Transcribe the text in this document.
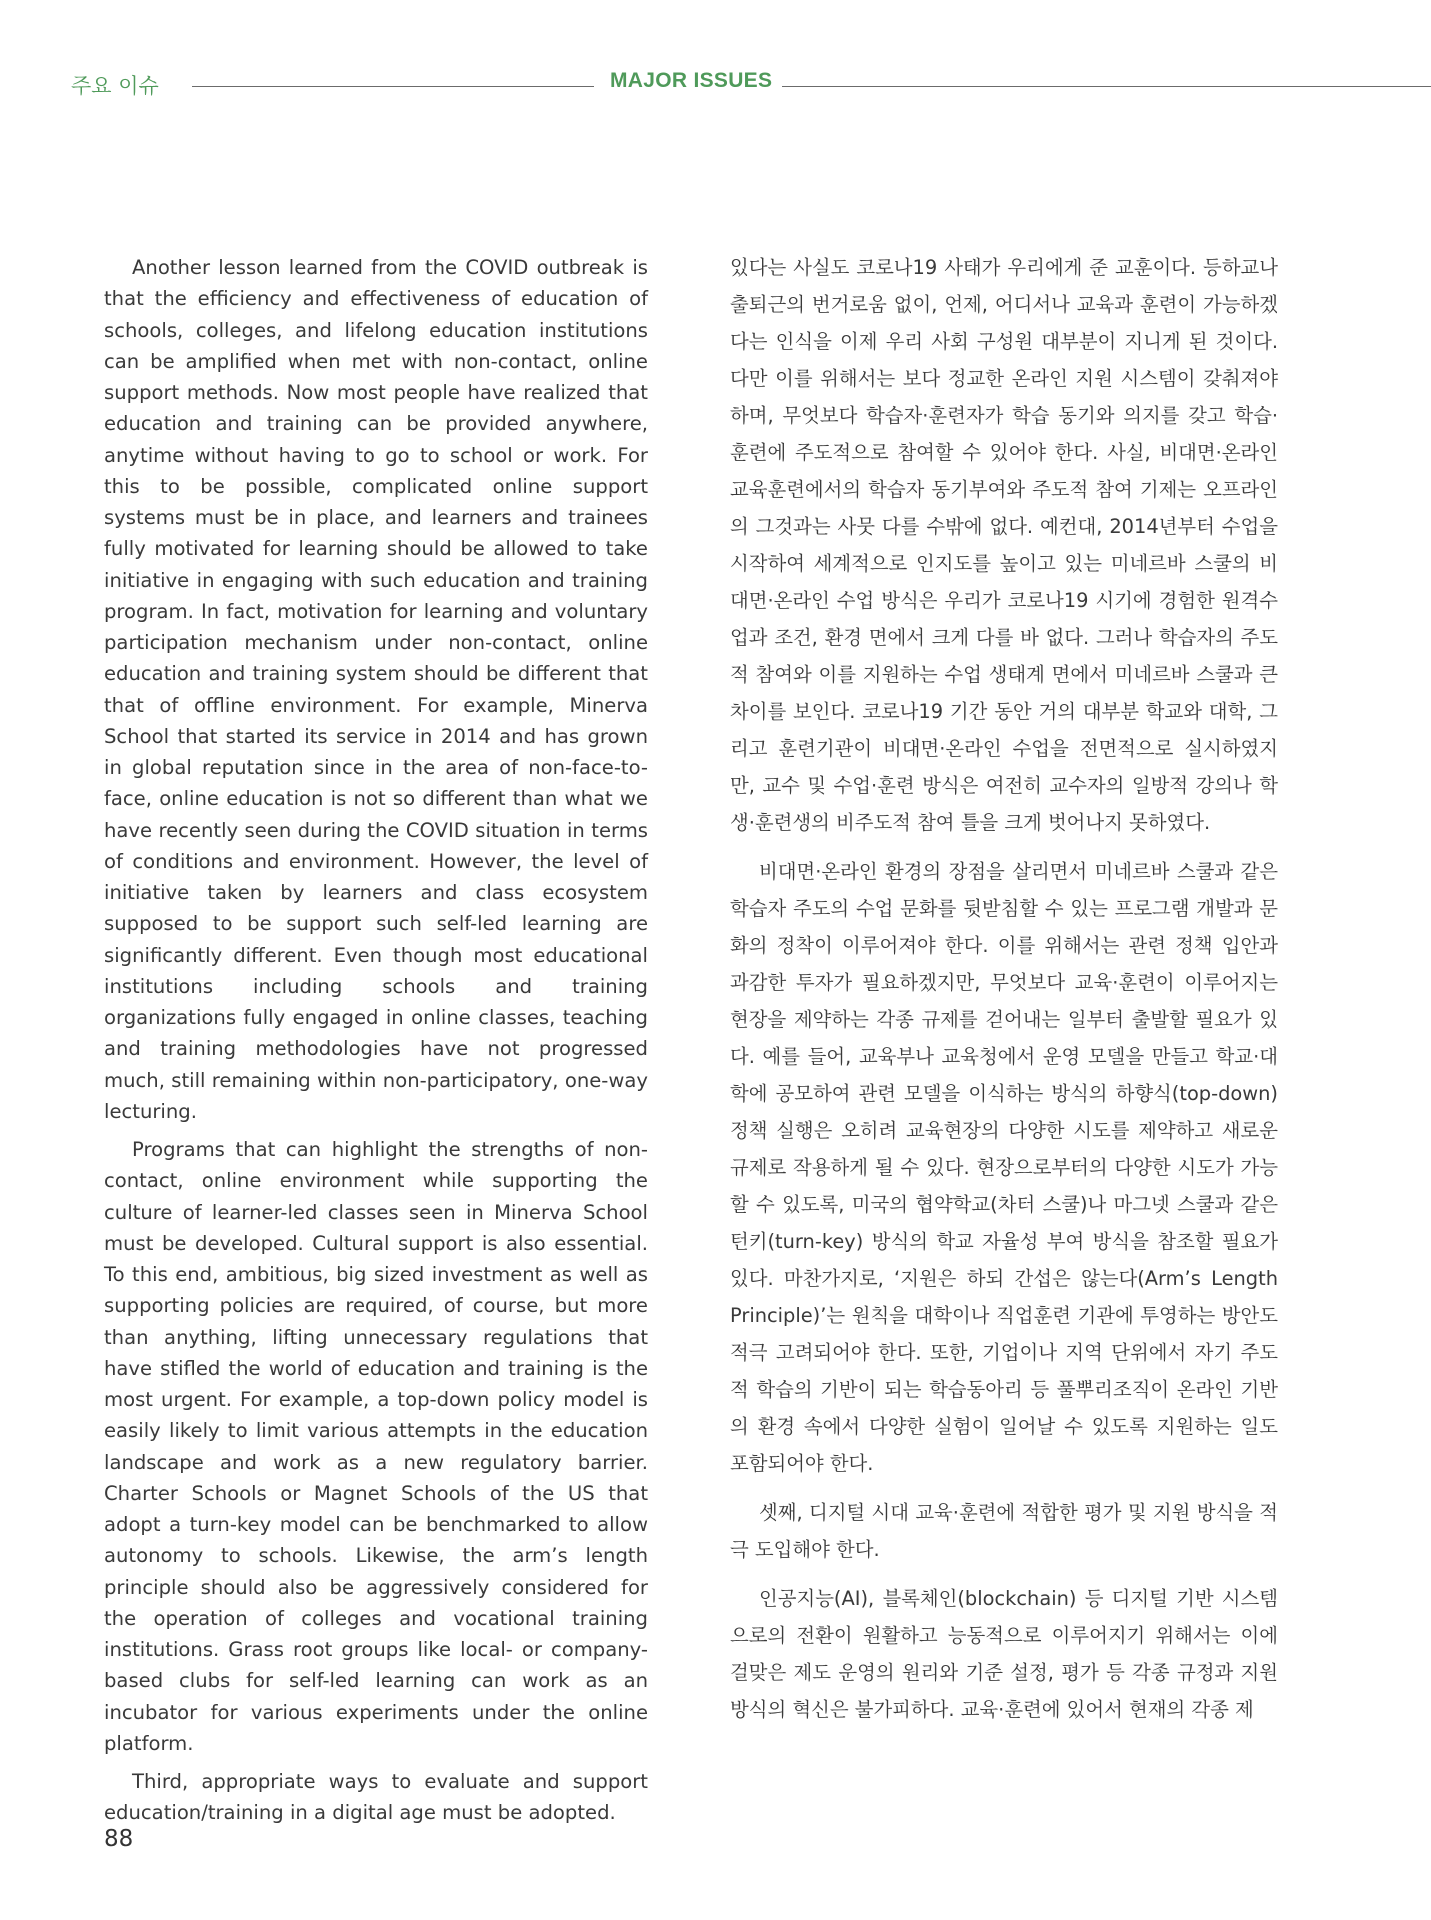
주요 이슈	MAJOR ISSUES

Another lesson learned from the COVID outbreak is that the efficiency and effectiveness of education of schools, colleges, and lifelong education institutions can be amplified when met with non-contact, online support methods. Now most people have realized that education and training can be provided anywhere, anytime without having to go to school or work. For this to be possible, complicated online support systems must be in place, and learners and trainees fully motivated for learning should be allowed to take initiative in engaging with such education and training program. In fact, motivation for learning and voluntary participation mechanism under non-contact, online education and training system should be different that that of offline environment. For example, Minerva School that started its service in 2014 and has grown in global reputation since in the area of non-face-to-face, online education is not so different than what we have recently seen during the COVID situation in terms of conditions and environment. However, the level of initiative taken by learners and class ecosystem supposed to be support such self-led learning are significantly different. Even though most educational institutions including schools and training organizations fully engaged in online classes, teaching and training methodologies have not progressed much, still remaining within non-participatory, one-way lecturing.

Programs that can highlight the strengths of non-contact, online environment while supporting the culture of learner-led classes seen in Minerva School must be developed. Cultural support is also essential. To this end, ambitious, big sized investment as well as supporting policies are required, of course, but more than anything, lifting unnecessary regulations that have stifled the world of education and training is the most urgent. For example, a top-down policy model is easily likely to limit various attempts in the education landscape and work as a new regulatory barrier. Charter Schools or Magnet Schools of the US that adopt a turn-key model can be benchmarked to allow autonomy to schools. Likewise, the arm’s length principle should also be aggressively considered for the operation of colleges and vocational training institutions. Grass root groups like local- or company-based clubs for self-led learning can work as an incubator for various experiments under the online platform.

Third, appropriate ways to evaluate and support education/training in a digital age must be adopted.

있다는 사실도 코로나19 사태가 우리에게 준 교훈이다. 등하교나 출퇴근의 번거로움 없이, 언제, 어디서나 교육과 훈련이 가능하겠다는 인식을 이제 우리 사회 구성원 대부분이 지니게 된 것이다. 다만 이를 위해서는 보다 정교한 온라인 지원 시스템이 갖춰져야 하며, 무엇보다 학습자·훈련자가 학습 동기와 의지를 갖고 학습·훈련에 주도적으로 참여할 수 있어야 한다. 사실, 비대면·온라인 교육훈련에서의 학습자 동기부여와 주도적 참여 기제는 오프라인의 그것과는 사뭇 다를 수밖에 없다. 예컨대, 2014년부터 수업을 시작하여 세계적으로 인지도를 높이고 있는 미네르바 스쿨의 비대면·온라인 수업 방식은 우리가 코로나19 시기에 경험한 원격수업과 조건, 환경 면에서 크게 다를 바 없다. 그러나 학습자의 주도적 참여와 이를 지원하는 수업 생태계 면에서 미네르바 스쿨과 큰 차이를 보인다. 코로나19 기간 동안 거의 대부분 학교와 대학, 그리고 훈련기관이 비대면·온라인 수업을 전면적으로 실시하였지만, 교수 및 수업·훈련 방식은 여전히 교수자의 일방적 강의나 학생·훈련생의 비주도적 참여 틀을 크게 벗어나지 못하였다.

비대면·온라인 환경의 장점을 살리면서 미네르바 스쿨과 같은 학습자 주도의 수업 문화를 뒷받침할 수 있는 프로그램 개발과 문화의 정착이 이루어져야 한다. 이를 위해서는 관련 정책 입안과 과감한 투자가 필요하겠지만, 무엇보다 교육·훈련이 이루어지는 현장을 제약하는 각종 규제를 걷어내는 일부터 출발할 필요가 있다. 예를 들어, 교육부나 교육청에서 운영 모델을 만들고 학교·대학에 공모하여 관련 모델을 이식하는 방식의 하향식(top-down) 정책 실행은 오히려 교육현장의 다양한 시도를 제약하고 새로운 규제로 작용하게 될 수 있다. 현장으로부터의 다양한 시도가 가능할 수 있도록, 미국의 협약학교(차터 스쿨)나 마그넷 스쿨과 같은 턴키(turn-key) 방식의 학교 자율성 부여 방식을 참조할 필요가 있다. 마찬가지로, ‘지원은 하되 간섭은 않는다(Arm’s Length Principle)’는 원칙을 대학이나 직업훈련 기관에 투영하는 방안도 적극 고려되어야 한다. 또한, 기업이나 지역 단위에서 자기 주도적 학습의 기반이 되는 학습동아리 등 풀뿌리조직이 온라인 기반의 환경 속에서 다양한 실험이 일어날 수 있도록 지원하는 일도 포함되어야 한다.

셋째, 디지털 시대 교육·훈련에 적합한 평가 및 지원 방식을 적극 도입해야 한다.

인공지능(AI), 블록체인(blockchain) 등 디지털 기반 시스템으로의 전환이 원활하고 능동적으로 이루어지기 위해서는 이에 걸맞은 제도 운영의 원리와 기준 설정, 평가 등 각종 규정과 지원 방식의 혁신은 불가피하다. 교육·훈련에 있어서 현재의 각종 제

88
